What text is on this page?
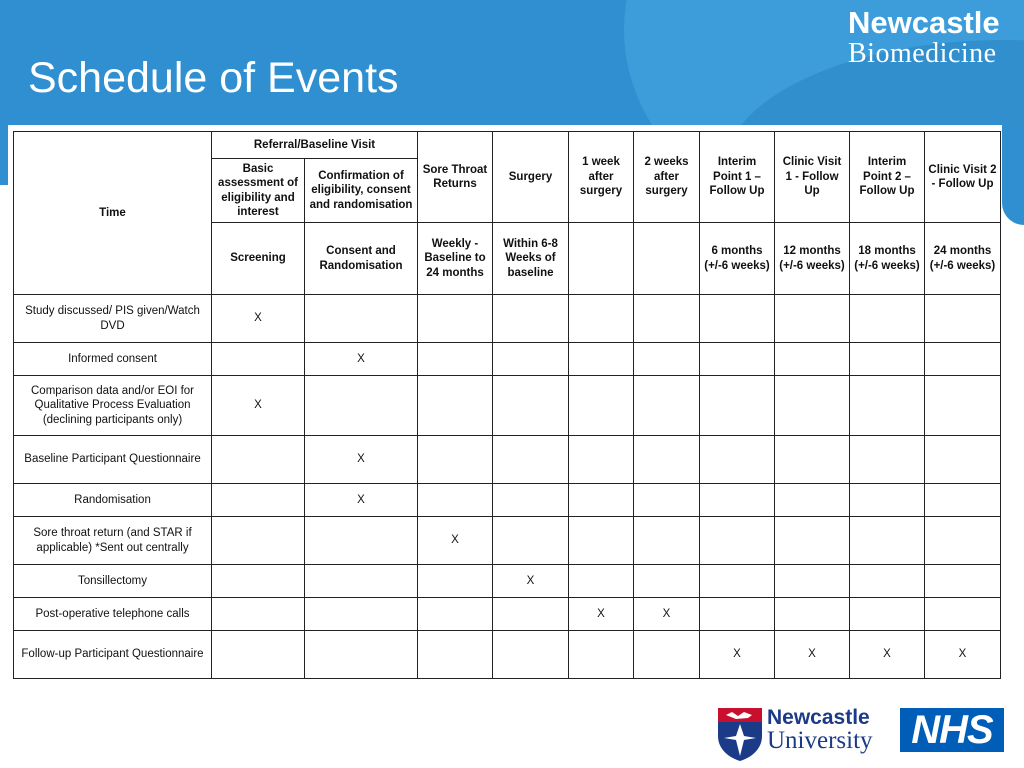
Schedule of Events
Newcastle
Biomedicine
Time	Referral/Baseline Visit		Sore Throat Returns	Surgery	1 week after surgery	2 weeks after surgery	Interim Point 1 – Follow Up	Clinic Visit 1 - Follow Up	Interim Point 2 – Follow Up	Clinic Visit 2 - Follow Up
	Basic assessment of eligibility and interest	Confirmation of eligibility, consent and randomisation								
	Screening	Consent and Randomisation	Weekly - Baseline to 24 months	Within 6-8 Weeks of baseline			6 months (+/-6 weeks)	12 months (+/-6 weeks)	18 months (+/-6 weeks)	24 months (+/-6 weeks)
Study discussed/ PIS given/Watch DVD	X									
Informed consent		X								
Comparison data and/or EOI for Qualitative Process Evaluation (declining participants only)	X									
Baseline Participant Questionnaire		X								
Randomisation		X								
Sore throat return (and STAR if applicable) *Sent out centrally			X							
Tonsillectomy				X						
Post-operative telephone calls					X	X				
Follow-up Participant Questionnaire							X	X	X	X
Newcastle
University NHS
